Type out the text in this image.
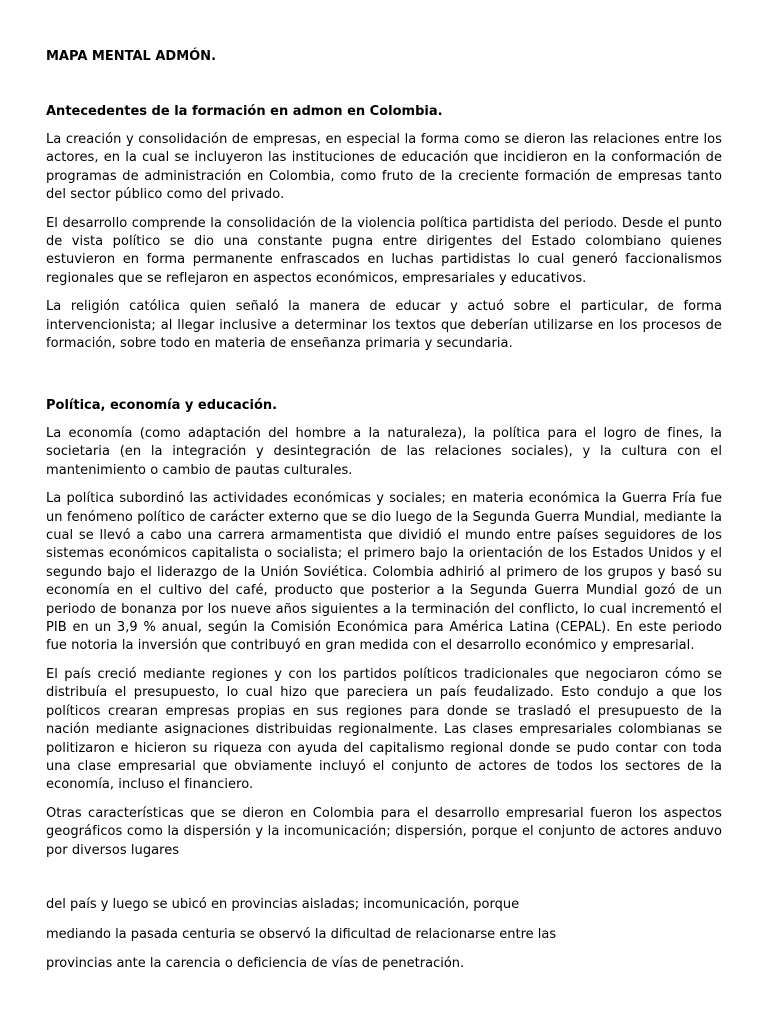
MAPA MENTAL ADMÓN.
Antecedentes de la formación en admon en Colombia.

La creación y consolidación de empresas, en especial la forma como se dieron las relaciones entre los actores, en la cual se incluyeron las instituciones de educación que incidieron en la conformación de programas de administración en Colombia, como fruto de la creciente formación de empresas tanto del sector público como del privado.

El desarrollo comprende la consolidación de la violencia política partidista del periodo. Desde el punto de vista político se dio una constante pugna entre dirigentes del Estado colombiano quienes estuvieron en forma permanente enfrascados en luchas partidistas lo cual generó faccionalismos regionales que se reflejaron en aspectos económicos, empresariales y educativos.

La religión católica quien señaló la manera de educar y actuó sobre el particular, de forma intervencionista; al llegar inclusive a determinar los textos que deberían utilizarse en los procesos de formación, sobre todo en materia de enseñanza primaria y secundaria.

Política, economía y educación.

La economía (como adaptación del hombre a la naturaleza), la política para el logro de fines, la societaria (en la integración y desintegración de las relaciones sociales), y la cultura con el mantenimiento o cambio de pautas culturales.

La política subordinó las actividades económicas y sociales; en materia económica la Guerra Fría fue un fenómeno político de carácter externo que se dio luego de la Segunda Guerra Mundial, mediante la cual se llevó a cabo una carrera armamentista que dividió el mundo entre países seguidores de los sistemas económicos capitalista o socialista; el primero bajo la orientación de los Estados Unidos y el segundo bajo el liderazgo de la Unión Soviética. Colombia adhirió al primero de los grupos y basó su economía en el cultivo del café, producto que posterior a la Segunda Guerra Mundial gozó de un periodo de bonanza por los nueve años siguientes a la terminación del conflicto, lo cual incrementó el PIB en un 3,9 % anual, según la Comisión Económica para América Latina (CEPAL). En este periodo fue notoria la inversión que contribuyó en gran medida con el desarrollo económico y empresarial.

El país creció mediante regiones y con los partidos políticos tradicionales que negociaron cómo se distribuía el presupuesto, lo cual hizo que pareciera un país feudalizado. Esto condujo a que los políticos crearan empresas propias en sus regiones para donde se trasladó el presupuesto de la nación mediante asignaciones distribuidas regionalmente. Las clases empresariales colombianas se politizaron e hicieron su riqueza con ayuda del capitalismo regional donde se pudo contar con toda una clase empresarial que obviamente incluyó el conjunto de actores de todos los sectores de la economía, incluso el financiero.

Otras características que se dieron en Colombia para el desarrollo empresarial fueron los aspectos geográficos como la dispersión y la incomunicación; dispersión, porque el conjunto de actores anduvo por diversos lugares

del país y luego se ubicó en provincias aisladas; incomunicación, porque

mediando la pasada centuria se observó la dificultad de relacionarse entre las

provincias ante la carencia o deficiencia de vías de penetración.
